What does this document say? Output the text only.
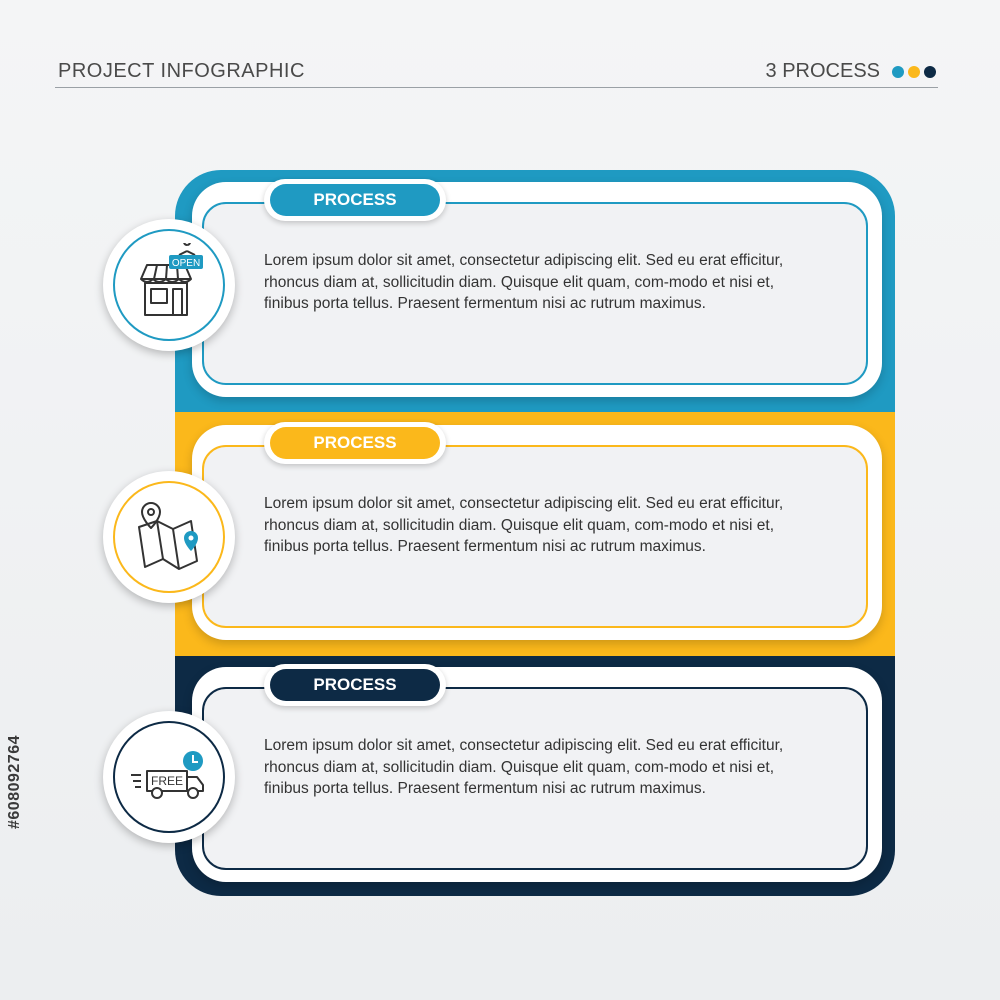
PROJECT INFOGRAPHIC	3 PROCESS
PROCESS
Lorem ipsum dolor sit amet, consectetur adipiscing elit. Sed eu erat efficitur, rhoncus diam at, sollicitudin diam. Quisque elit quam, com-modo et nisi et, finibus porta tellus. Praesent fermentum nisi ac rutrum maximus.
OPEN
PROCESS
Lorem ipsum dolor sit amet, consectetur adipiscing elit. Sed eu erat efficitur, rhoncus diam at, sollicitudin diam. Quisque elit quam, com-modo et nisi et, finibus porta tellus. Praesent fermentum nisi ac rutrum maximus.
PROCESS
Lorem ipsum dolor sit amet, consectetur adipiscing elit. Sed eu erat efficitur, rhoncus diam at, sollicitudin diam. Quisque elit quam, com-modo et nisi et, finibus porta tellus. Praesent fermentum nisi ac rutrum maximus.
FREE
#608092764
